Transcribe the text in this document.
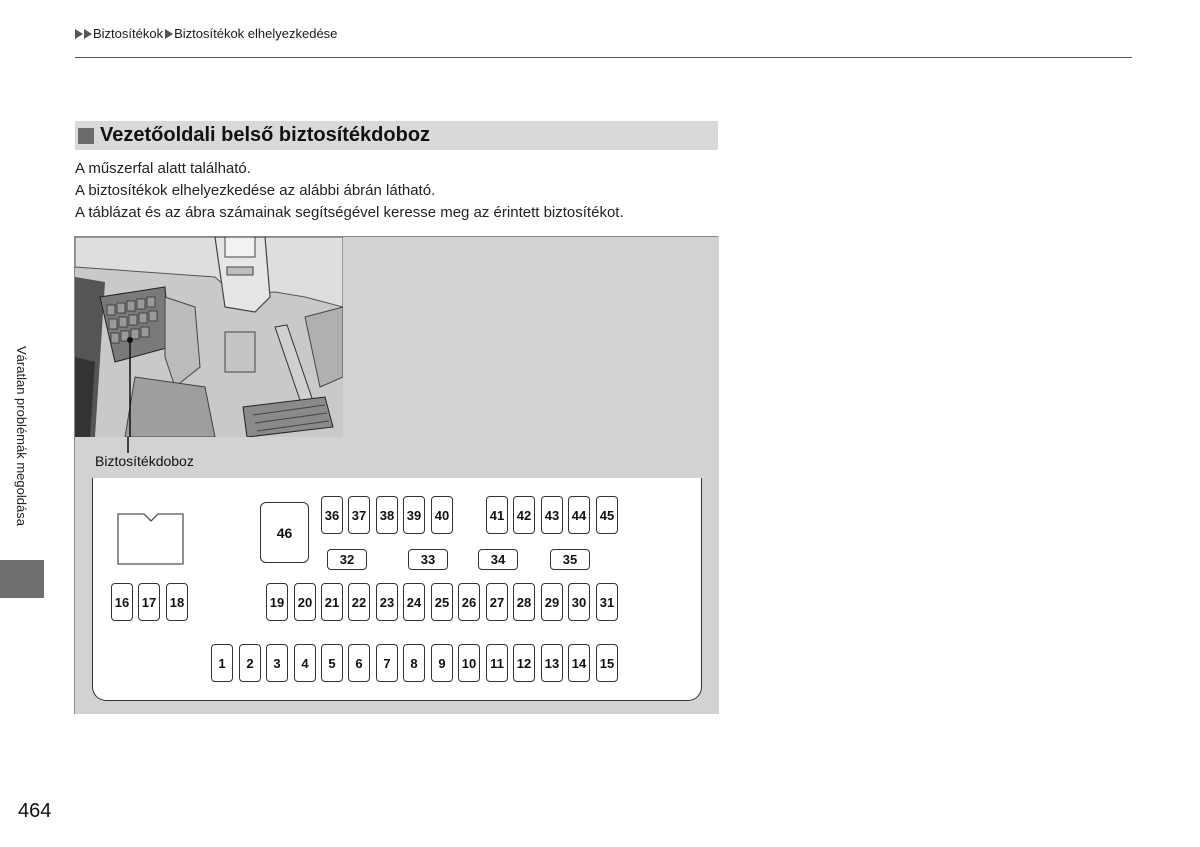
Biztosítékok Biztosítékok elhelyezkedése
Vezetőoldali belső biztosítékdoboz
A műszerfal alatt található.
A biztosítékok elhelyezkedése az alábbi ábrán látható.
A táblázat és az ábra számainak segítségével keresse meg az érintett biztosítékot.
Biztosítékdoboz
46
36 37 38 39 40	41 42 43 44 45
32	33	34	35
16 17 18	19 20 21 22 23 24 25 26 27 28 29 30 31
1	2	3	4	5	6	7	8	9	10	11 12 13 14 15
Váratlan problémák megoldása
464
